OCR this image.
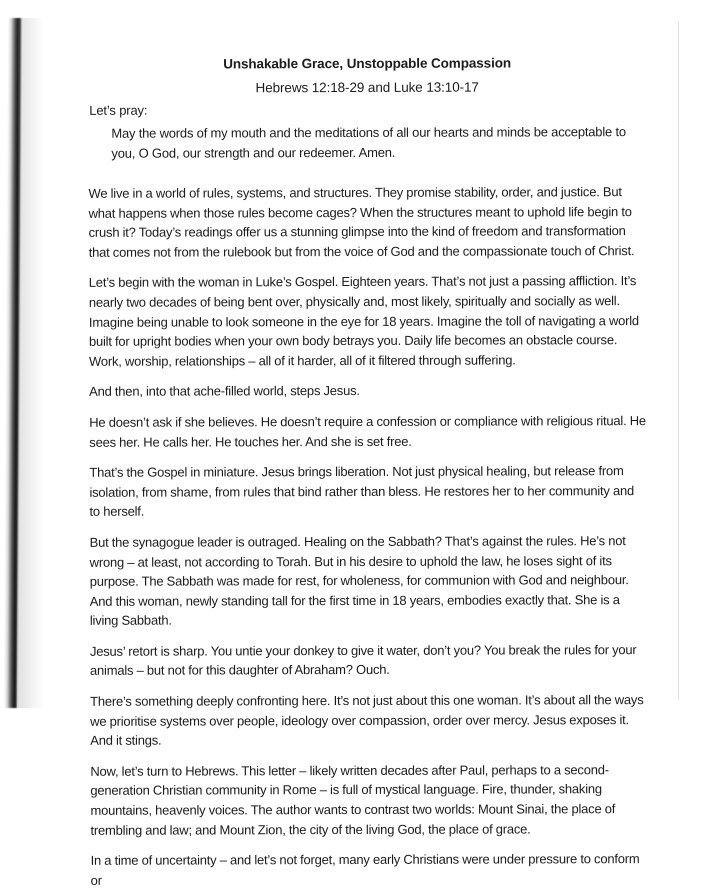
Unshakable Grace, Unstoppable Compassion
Hebrews 12:18-29 and Luke 13:10-17
Let’s pray:
May the words of my mouth and the meditations of all our hearts and minds be acceptable to you, O God, our strength and our redeemer. Amen.

We live in a world of rules, systems, and structures. They promise stability, order, and justice. But what happens when those rules become cages? When the structures meant to uphold life begin to crush it? Today’s readings offer us a stunning glimpse into the kind of freedom and transformation that comes not from the rulebook but from the voice of God and the compassionate touch of Christ.

Let’s begin with the woman in Luke’s Gospel. Eighteen years. That’s not just a passing affliction. It’s nearly two decades of being bent over, physically and, most likely, spiritually and socially as well. Imagine being unable to look someone in the eye for 18 years. Imagine the toll of navigating a world built for upright bodies when your own body betrays you. Daily life becomes an obstacle course. Work, worship, relationships – all of it harder, all of it filtered through suffering.

And then, into that ache-filled world, steps Jesus.

He doesn’t ask if she believes. He doesn’t require a confession or compliance with religious ritual. He sees her. He calls her. He touches her. And she is set free.

That’s the Gospel in miniature. Jesus brings liberation. Not just physical healing, but release from isolation, from shame, from rules that bind rather than bless. He restores her to her community and to herself.

But the synagogue leader is outraged. Healing on the Sabbath? That’s against the rules. He’s not wrong – at least, not according to Torah. But in his desire to uphold the law, he loses sight of its purpose. The Sabbath was made for rest, for wholeness, for communion with God and neighbour. And this woman, newly standing tall for the first time in 18 years, embodies exactly that. She is a living Sabbath.

Jesus’ retort is sharp. You untie your donkey to give it water, don’t you? You break the rules for your animals – but not for this daughter of Abraham? Ouch.

There’s something deeply confronting here. It’s not just about this one woman. It’s about all the ways we prioritise systems over people, ideology over compassion, order over mercy. Jesus exposes it. And it stings.

Now, let’s turn to Hebrews. This letter – likely written decades after Paul, perhaps to a second-generation Christian community in Rome – is full of mystical language. Fire, thunder, shaking mountains, heavenly voices. The author wants to contrast two worlds: Mount Sinai, the place of trembling and law; and Mount Zion, the city of the living God, the place of grace.

In a time of uncertainty – and let’s not forget, many early Christians were under pressure to conform or
